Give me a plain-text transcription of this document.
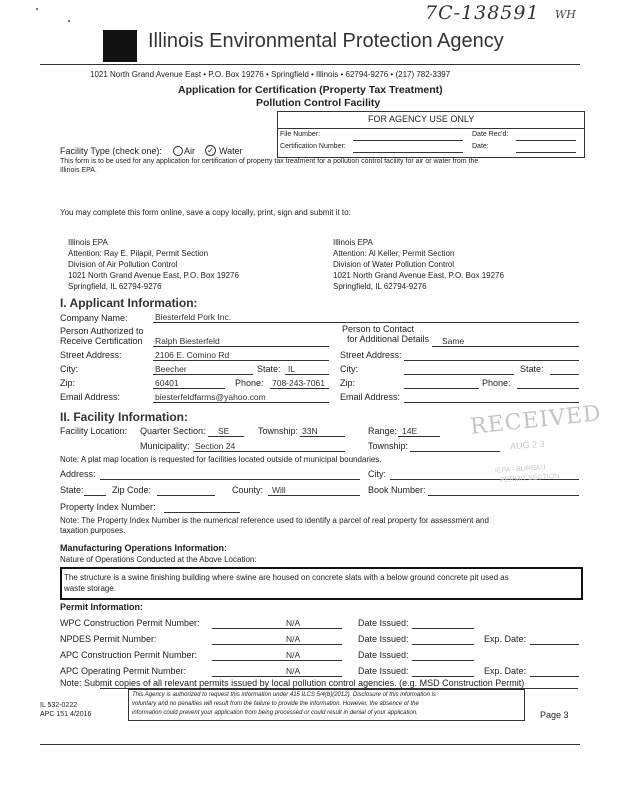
7C-138591 WH
Illinois Environmental Protection Agency
1021 North Grand Avenue East • P.O. Box 19276 • Springfield • Illinois • 62794-9276 • (217) 782-3397
Application for Certification (Property Tax Treatment)
Pollution Control Facility
FOR AGENCY USE ONLY
File Number:	Date Rec'd:
Certification Number:	Date:
Facility Type (check one): Air ✓ Water
This form is to be used for any application for certification of property tax treatment for a pollution control facility for air or water from the
Illinois EPA.
You may complete this form online, save a copy locally, print, sign and submit it to:
Illinois EPA
Attention: Ray E. Pilapil, Permit Section
Division of Air Pollution Control
1021 North Grand Avenue East, P.O. Box 19276
Springfield, IL 62794-9276
Illinois EPA
Attention: Al Keller, Permit Section
Division of Water Pollution Control
1021 North Grand Avenue East, P.O. Box 19276
Springfield, IL 62794-9276
I. Applicant Information:
Company Name:	Biesterfeld Pork Inc.
Person Authorized to
Receive Certification Ralph Biesterfeld
Person to Contact
for Additional Details Same
Street Address:	2106 E. Comino Rd	Street Address:
City:	Beecher	State: IL	City:	State:
Zip:	60401	Phone: 708-243-7061 Zip:	Phone:
Email Address:	biesterfeldfarms@yahoo.com	Email Address:
II. Facility Information:
Facility Location: Quarter Section: SE	Township: 33N	Range: 14E
Municipality: Section 24	Township:
Note: A plat map location is requested for facilities located outside of municipal boundaries.
Address:	City:
State:	Zip Code:	County: Will	Book Number:
Property Index Number:
Note: The Property Index Number is the numerical reference used to identify a parcel of real property for assessment and
taxation purposes.
Manufacturing Operations Information:
Nature of Operations Conducted at the Above Location:
The structure is a swine finishing building where swine are housed on concrete slats with a below ground concrete pit used as
waste storage.
Permit Information:
WPC Construction Permit Number:	N/A	Date Issued:
NPDES Permit Number:	N/A	Date Issued:	Exp. Date:
APC Construction Permit Number:	N/A	Date Issued:
APC Operating Permit Number:	N/A	Date Issued:	Exp. Date:
Note: Submit copies of all relevant permits issued by local pollution control agencies. (e.g. MSD Construction Permit)
IL 532-0222
APC 151 4/2016
This Agency is authorized to request this information under 415 ILCS 5/4(b)(2012). Disclosure of this information is
voluntary and no penalties will result from the failure to provide the information. However, the absence of the
information could prevent your application from being processed or could result in denial of your application.	Page 3
RECEIVED
AUG 2 3
IEPA - BUREAU
PERMIT SECTION
